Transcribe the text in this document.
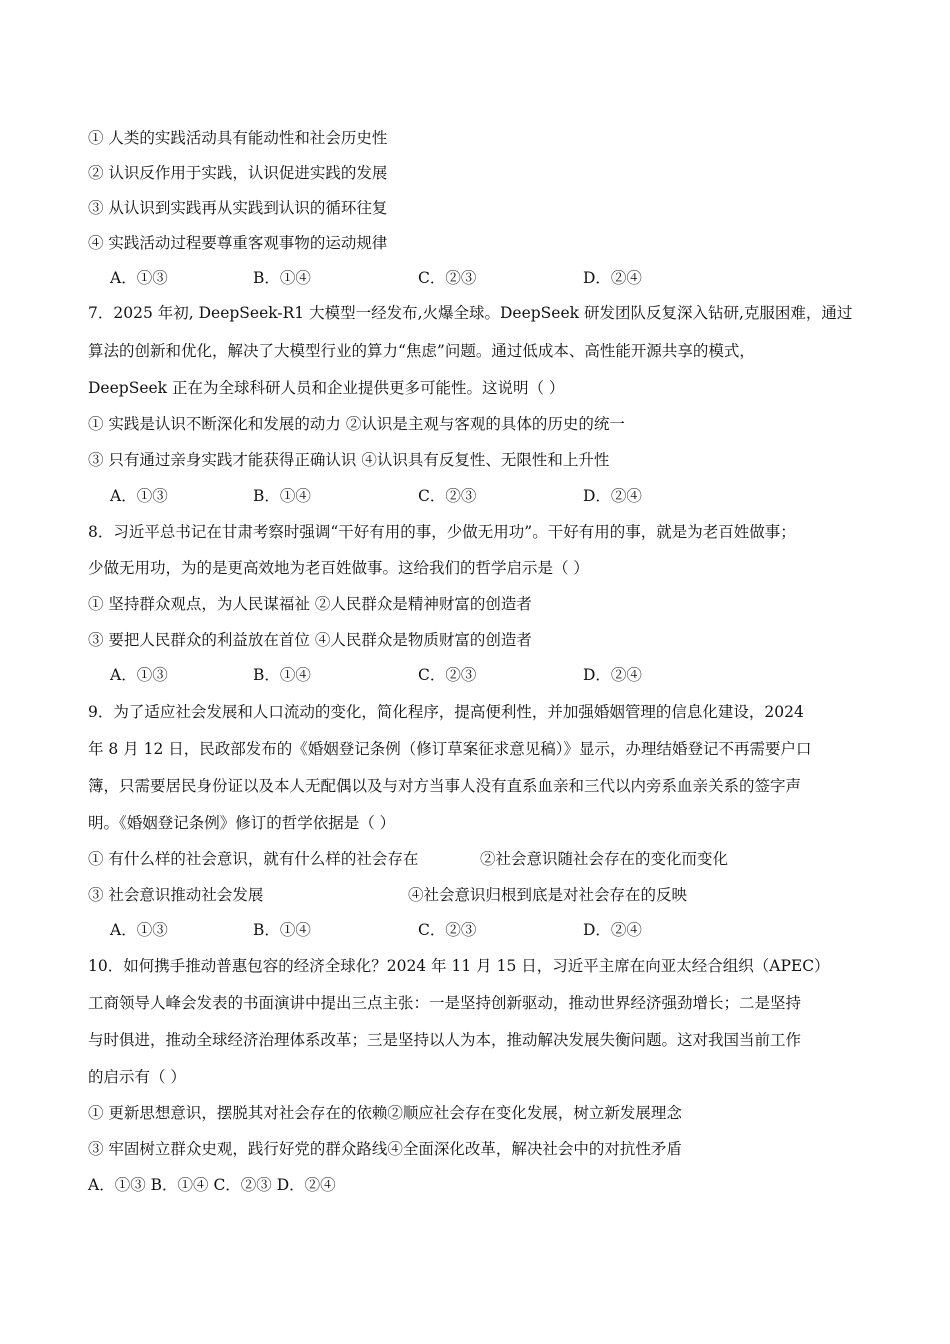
① 人类的实践活动具有能动性和社会历史性
② 认识反作用于实践，认识促进实践的发展
③ 从认识到实践再从实践到认识的循环往复
④ 实践活动过程要尊重客观事物的运动规律
A．①③	B．①④	C．②③	D．②④
7．2025 年初, DeepSeek-R1 大模型一经发布,火爆全球。DeepSeek 研发团队反复深入钻研,克服困难，通过
算法的创新和优化，解决了大模型行业的算力“焦虑”问题。通过低成本、高性能开源共享的模式，
DeepSeek 正在为全球科研人员和企业提供更多可能性。这说明（ ）
① 实践是认识不断深化和发展的动力 ②认识是主观与客观的具体的历史的统一
③ 只有通过亲身实践才能获得正确认识 ④认识具有反复性、无限性和上升性
A．①③	B．①④	C．②③	D．②④
8．习近平总书记在甘肃考察时强调“干好有用的事，少做无用功”。干好有用的事，就是为老百姓做事；
少做无用功，为的是更高效地为老百姓做事。这给我们的哲学启示是（ ）
① 坚持群众观点，为人民谋福祉 ②人民群众是精神财富的创造者
③ 要把人民群众的利益放在首位 ④人民群众是物质财富的创造者
A．①③	B．①④	C．②③	D．②④
9．为了适应社会发展和人口流动的变化，简化程序，提高便利性，并加强婚姻管理的信息化建设，2024
年 8 月 12 日，民政部发布的《婚姻登记条例（修订草案征求意见稿）》显示，办理结婚登记不再需要户口
簿，只需要居民身份证以及本人无配偶以及与对方当事人没有直系血亲和三代以内旁系血亲关系的签字声
明。《婚姻登记条例》修订的哲学依据是（ ）
① 有什么样的社会意识，就有什么样的社会存在	②社会意识随社会存在的变化而变化
③ 社会意识推动社会发展	④社会意识归根到底是对社会存在的反映
A．①③	B．①④	C．②③	D．②④
10．如何携手推动普惠包容的经济全球化？2024 年 11 月 15 日，习近平主席在向亚太经合组织（APEC）
工商领导人峰会发表的书面演讲中提出三点主张：一是坚持创新驱动，推动世界经济强劲增长；二是坚持
与时俱进，推动全球经济治理体系改革；三是坚持以人为本，推动解决发展失衡问题。这对我国当前工作
的启示有（ ）
① 更新思想意识，摆脱其对社会存在的依赖②顺应社会存在变化发展，树立新发展理念
③ 牢固树立群众史观，践行好党的群众路线④全面深化改革，解决社会中的对抗性矛盾
A．①③ B．①④ C．②③ D．②④
